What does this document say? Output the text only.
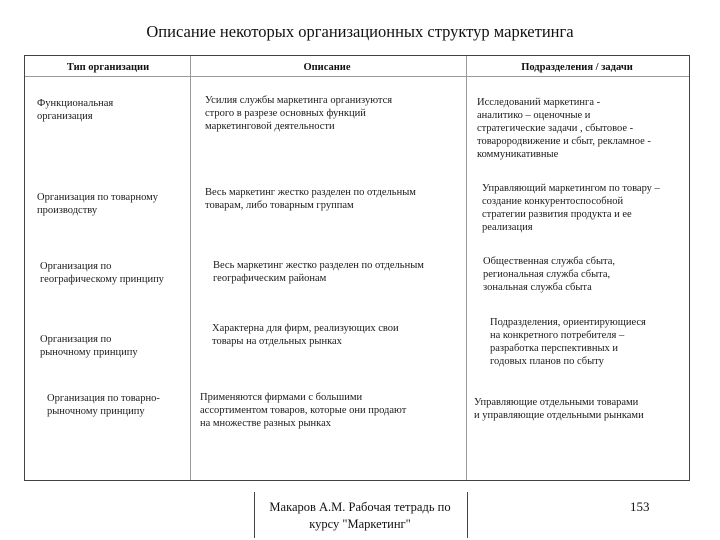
Описание некоторых организационных структур маркетинга
Тип организации	Описание	Подразделения / задачи
Функциональная
организация
Усилия службы маркетинга организуются
строго в разрезе основных функций
маркетинговой деятельности
Исследований маркетинга -
аналитико – оценочные и
стратегические задачи , сбытовое -
товарородвижение и сбыт, рекламное -
коммуникативные
Организация по товарному
производству
Весь маркетинг жестко разделен по отдельным
товарам, либо товарным группам
Управляющий маркетингом по товару –
создание конкурентоспособной
стратегии развития продукта и ее
реализация
Организация по
географическому принципу
Весь маркетинг жестко разделен по отдельным
географическим районам
Общественная служба сбыта,
региональная служба сбыта,
зональная служба сбыта
Организация по
рыночному принципу
Характерна для фирм, реализующих свои
товары на отдельных рынках
Подразделения, ориентирующиеся
на конкретного потребителя –
разработка перспективных и
годовых планов по сбыту
Организация по товарно-
рыночному принципу
Применяются фирмами с большими
ассортиментом товаров, которые они продают
на множестве разных рынках
Управляющие отдельными товарами
и управляющие отдельными рынками
Макаров А.М. Рабочая тетрадь по
курсу "Маркетинг"
153
